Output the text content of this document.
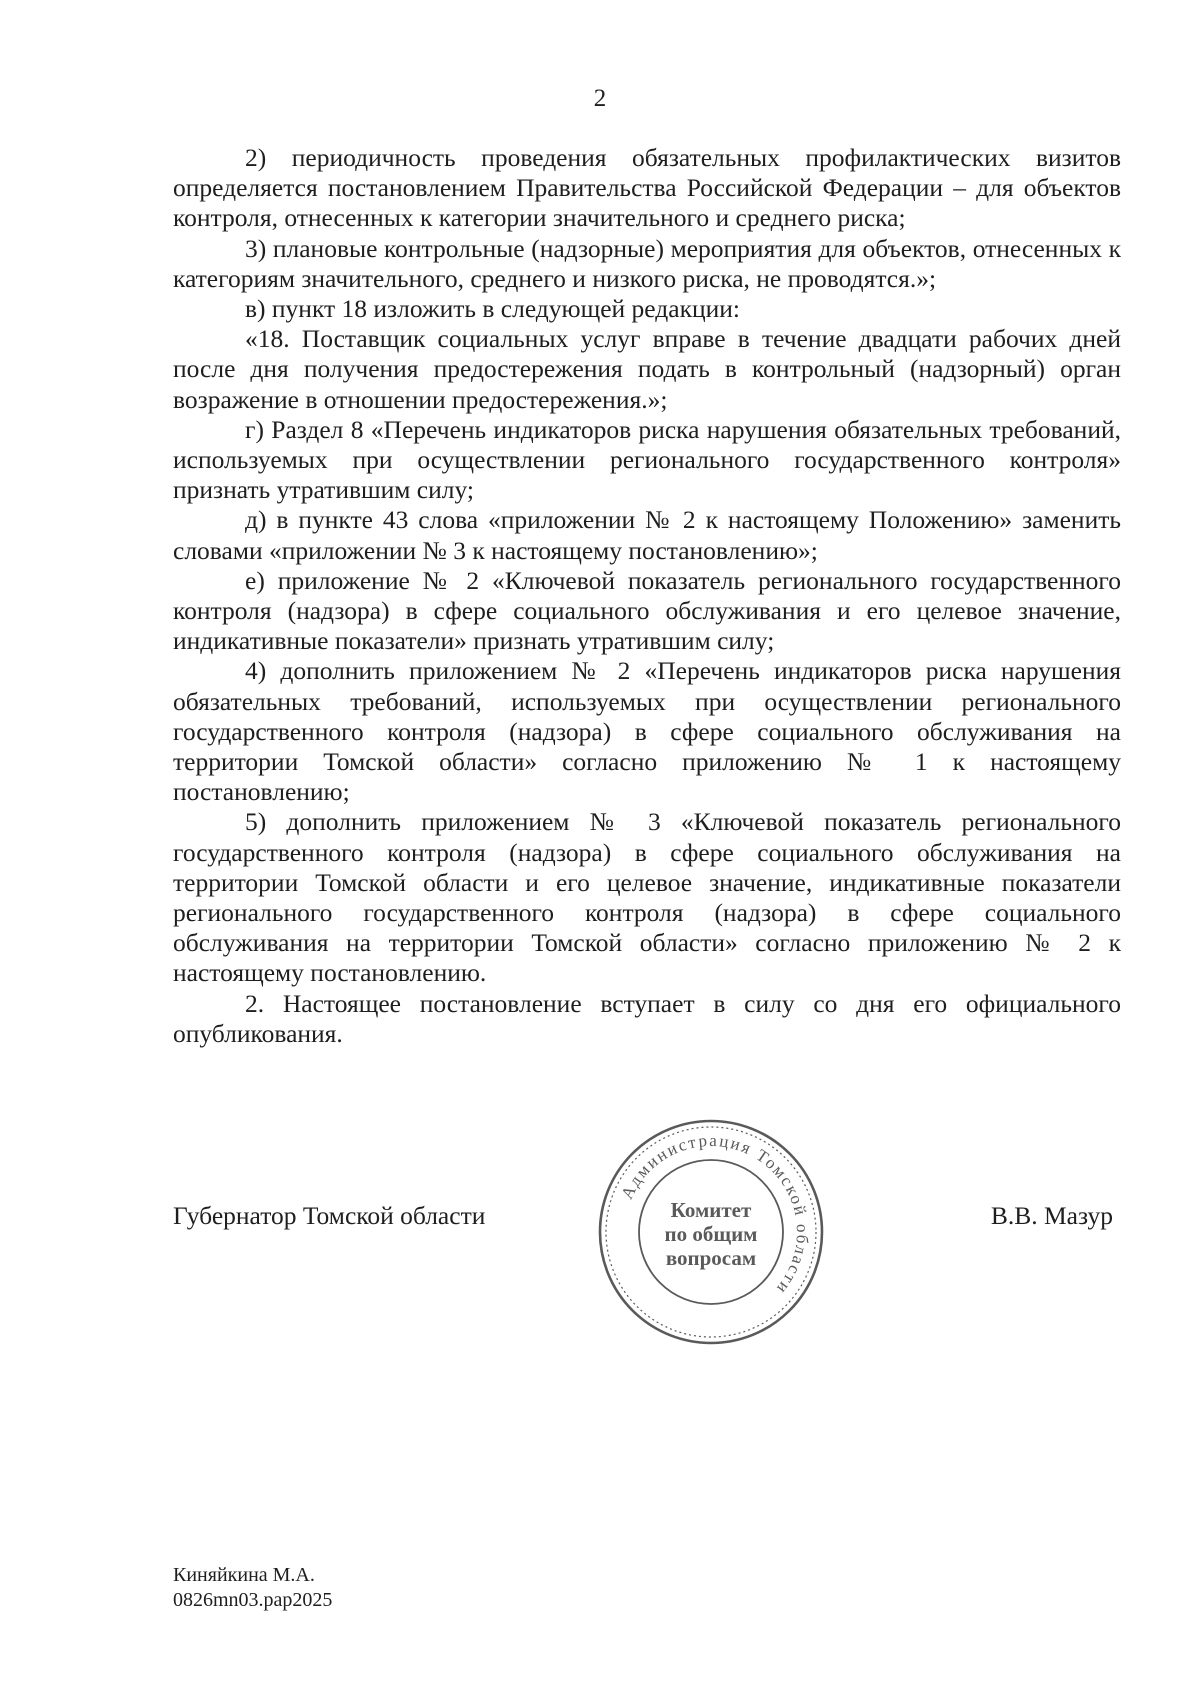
2

2) периодичность проведения обязательных профилактических визитов определяется постановлением Правительства Российской Федерации – для объектов контроля, отнесенных к категории значительного и среднего риска;

3) плановые контрольные (надзорные) мероприятия для объектов, отнесенных к категориям значительного, среднего и низкого риска, не проводятся.»;

в) пункт 18 изложить в следующей редакции:

«18. Поставщик социальных услуг вправе в течение двадцати рабочих дней после дня получения предостережения подать в контрольный (надзорный) орган возражение в отношении предостережения.»;

г) Раздел 8 «Перечень индикаторов риска нарушения обязательных требований, используемых при осуществлении регионального государственного контроля» признать утратившим силу;

д) в пункте 43 слова «приложении № 2 к настоящему Положению» заменить словами «приложении № 3 к настоящему постановлению»;

е) приложение № 2 «Ключевой показатель регионального государственного контроля (надзора) в сфере социального обслуживания и его целевое значение, индикативные показатели» признать утратившим силу;

4) дополнить приложением № 2 «Перечень индикаторов риска нарушения обязательных требований, используемых при осуществлении регионального государственного контроля (надзора) в сфере социального обслуживания на территории Томской области» согласно приложению № 1 к настоящему постановлению;

5) дополнить приложением № 3 «Ключевой показатель регионального государственного контроля (надзора) в сфере социального обслуживания на территории Томской области и его целевое значение, индикативные показатели регионального государственного контроля (надзора) в сфере социального обслуживания на территории Томской области» согласно приложению № 2 к настоящему постановлению.

2. Настоящее постановление вступает в силу со дня его официального опубликования.

Губернатор Томской области	В.В. Мазур
Администрация Томской области
Комитет
по общим
вопросам
Киняйкина М.А.
0826mn03.pap2025
